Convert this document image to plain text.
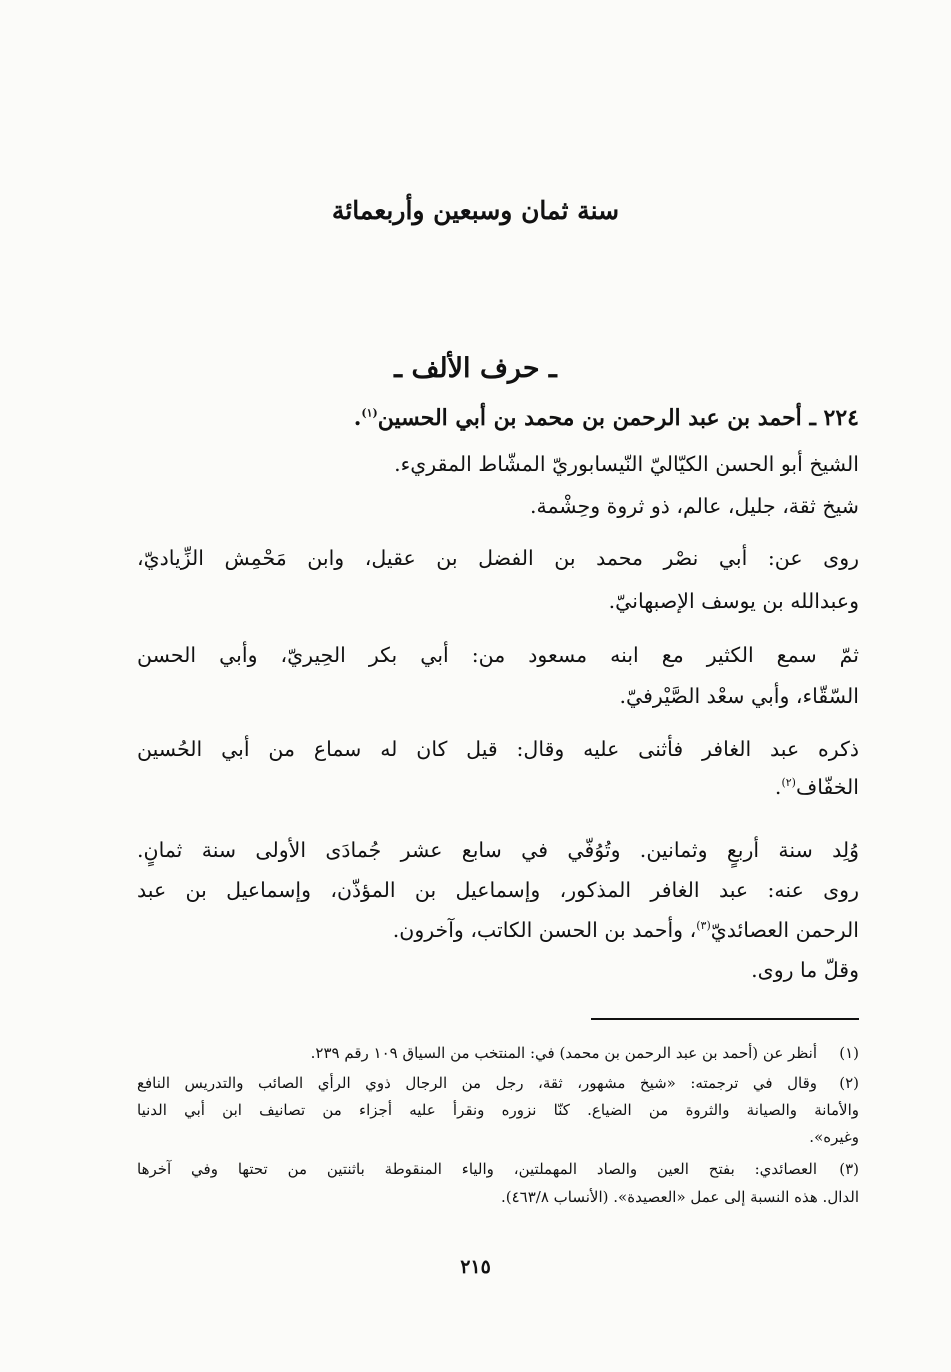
سنة ثمان وسبعين وأربعمائة
ـ حرف الألف ـ
٢٢٤ ـ أحمد بن عبد الرحمن بن محمد بن أبي الحسين$^{(١)}$.
الشيخ أبو الحسن الكيّاليّ النّيسابوريّ المشّاط المقريء.
شيخ ثقة، جليل، عالم، ذو ثروة وحِشْمة.
روى عن: أبي نصْر محمد بن الفضل بن عقيل، وابن مَحْمِش الزِّياديّ،
وعبدالله بن يوسف الإصبهانيّ.
ثمّ سمع الكثير مع ابنه مسعود من: أبي بكر الحِيريّ، وأبي الحسن
السّقّاء، وأبي سعْد الصَّيْرفيّ.
ذكره عبد الغافر فأثنى عليه وقال: قيل كان له سماع من أبي الحُسين
الخفّاف$^{(٢)}$.
وُلِد سنة أربعٍ وثمانين. وتُوُفّي في سابع عشر جُمادَى الأولى سنة ثمانٍ.
روى عنه: عبد الغافر المذكور، وإسماعيل بن المؤذّن، وإسماعيل بن عبد
الرحمن العصائديّ$^{(٣)}$، وأحمد بن الحسن الكاتب، وآخرون.
وقلّ ما روى.
(١)
أنظر عن (أحمد بن عبد الرحمن بن محمد) في: المنتخب من السياق ١٠٩ رقم ٢٣٩.
(٢)
وقال في ترجمته: «شيخ مشهور، ثقة، رجل من الرجال ذوي الرأي الصائب والتدريس النافع
والأمانة والصيانة والثروة من الضياع. كنّا نزوره ونقرأ عليه أجزاء من تصانيف ابن أبي الدنيا
وغيره».
(٣)
العصائدي: بفتح العين والصاد المهملتين، والياء المنقوطة باثنتين من تحتها وفي آخرها
الدال. هذه النسبة إلى عمل «العصيدة». (الأنساب ٤٦٣/٨).
٢١٥
